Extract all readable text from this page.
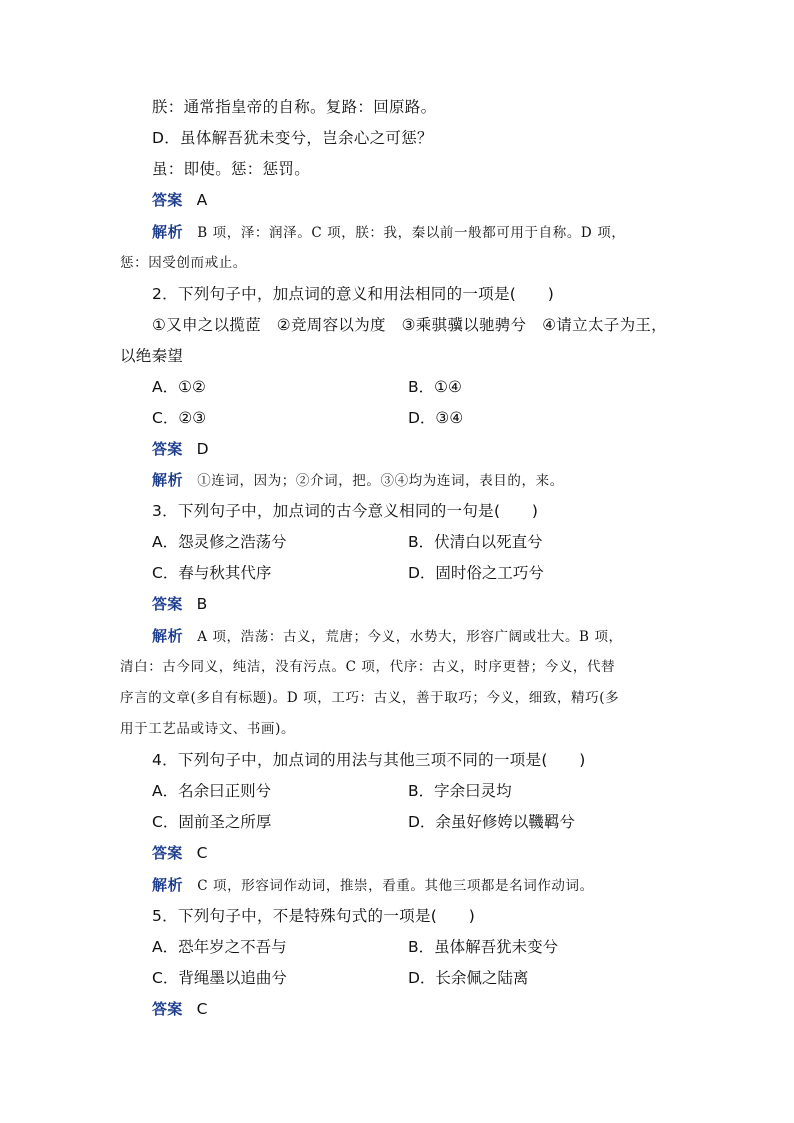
朕：通常指皇帝的自称。复路：回原路。
D．虽体解吾犹未变兮，岂余心之可惩？
虽：即使。惩：惩罚。
答案 A
解析 B 项，泽：润泽。C 项，朕：我，秦以前一般都可用于自称。D 项，
惩：因受创而戒止。
2．下列句子中，加点词的意义和用法相同的一项是(　　)
①又申之以揽茝　②竞周容以为度　③乘骐骥以驰骋兮　④请立太子为王，
以绝秦望
A．①②	B．①④
C．②③	D．③④
答案 D
解析 ①连词，因为；②介词，把。③④均为连词，表目的，来。
3．下列句子中，加点词的古今意义相同的一句是(　　)
A．怨灵修之浩荡兮	B．伏清白以死直兮
C．春与秋其代序	D．固时俗之工巧兮
答案 B
解析 A 项，浩荡：古义，荒唐；今义，水势大，形容广阔或壮大。B 项，
清白：古今同义，纯洁，没有污点。C 项，代序：古义，时序更替；今义，代替
序言的文章(多自有标题)。D 项，工巧：古义，善于取巧；今义，细致，精巧(多
用于工艺品或诗文、书画)。
4．下列句子中，加点词的用法与其他三项不同的一项是(　　)
A．名余曰正则兮	B．字余曰灵均
C．固前圣之所厚	D．余虽好修姱以鞿羁兮
答案 C
解析 C 项，形容词作动词，推崇，看重。其他三项都是名词作动词。
5．下列句子中，不是特殊句式的一项是(　　)
A．恐年岁之不吾与	B．虽体解吾犹未变兮
C．背绳墨以追曲兮	D．长余佩之陆离
答案 C
